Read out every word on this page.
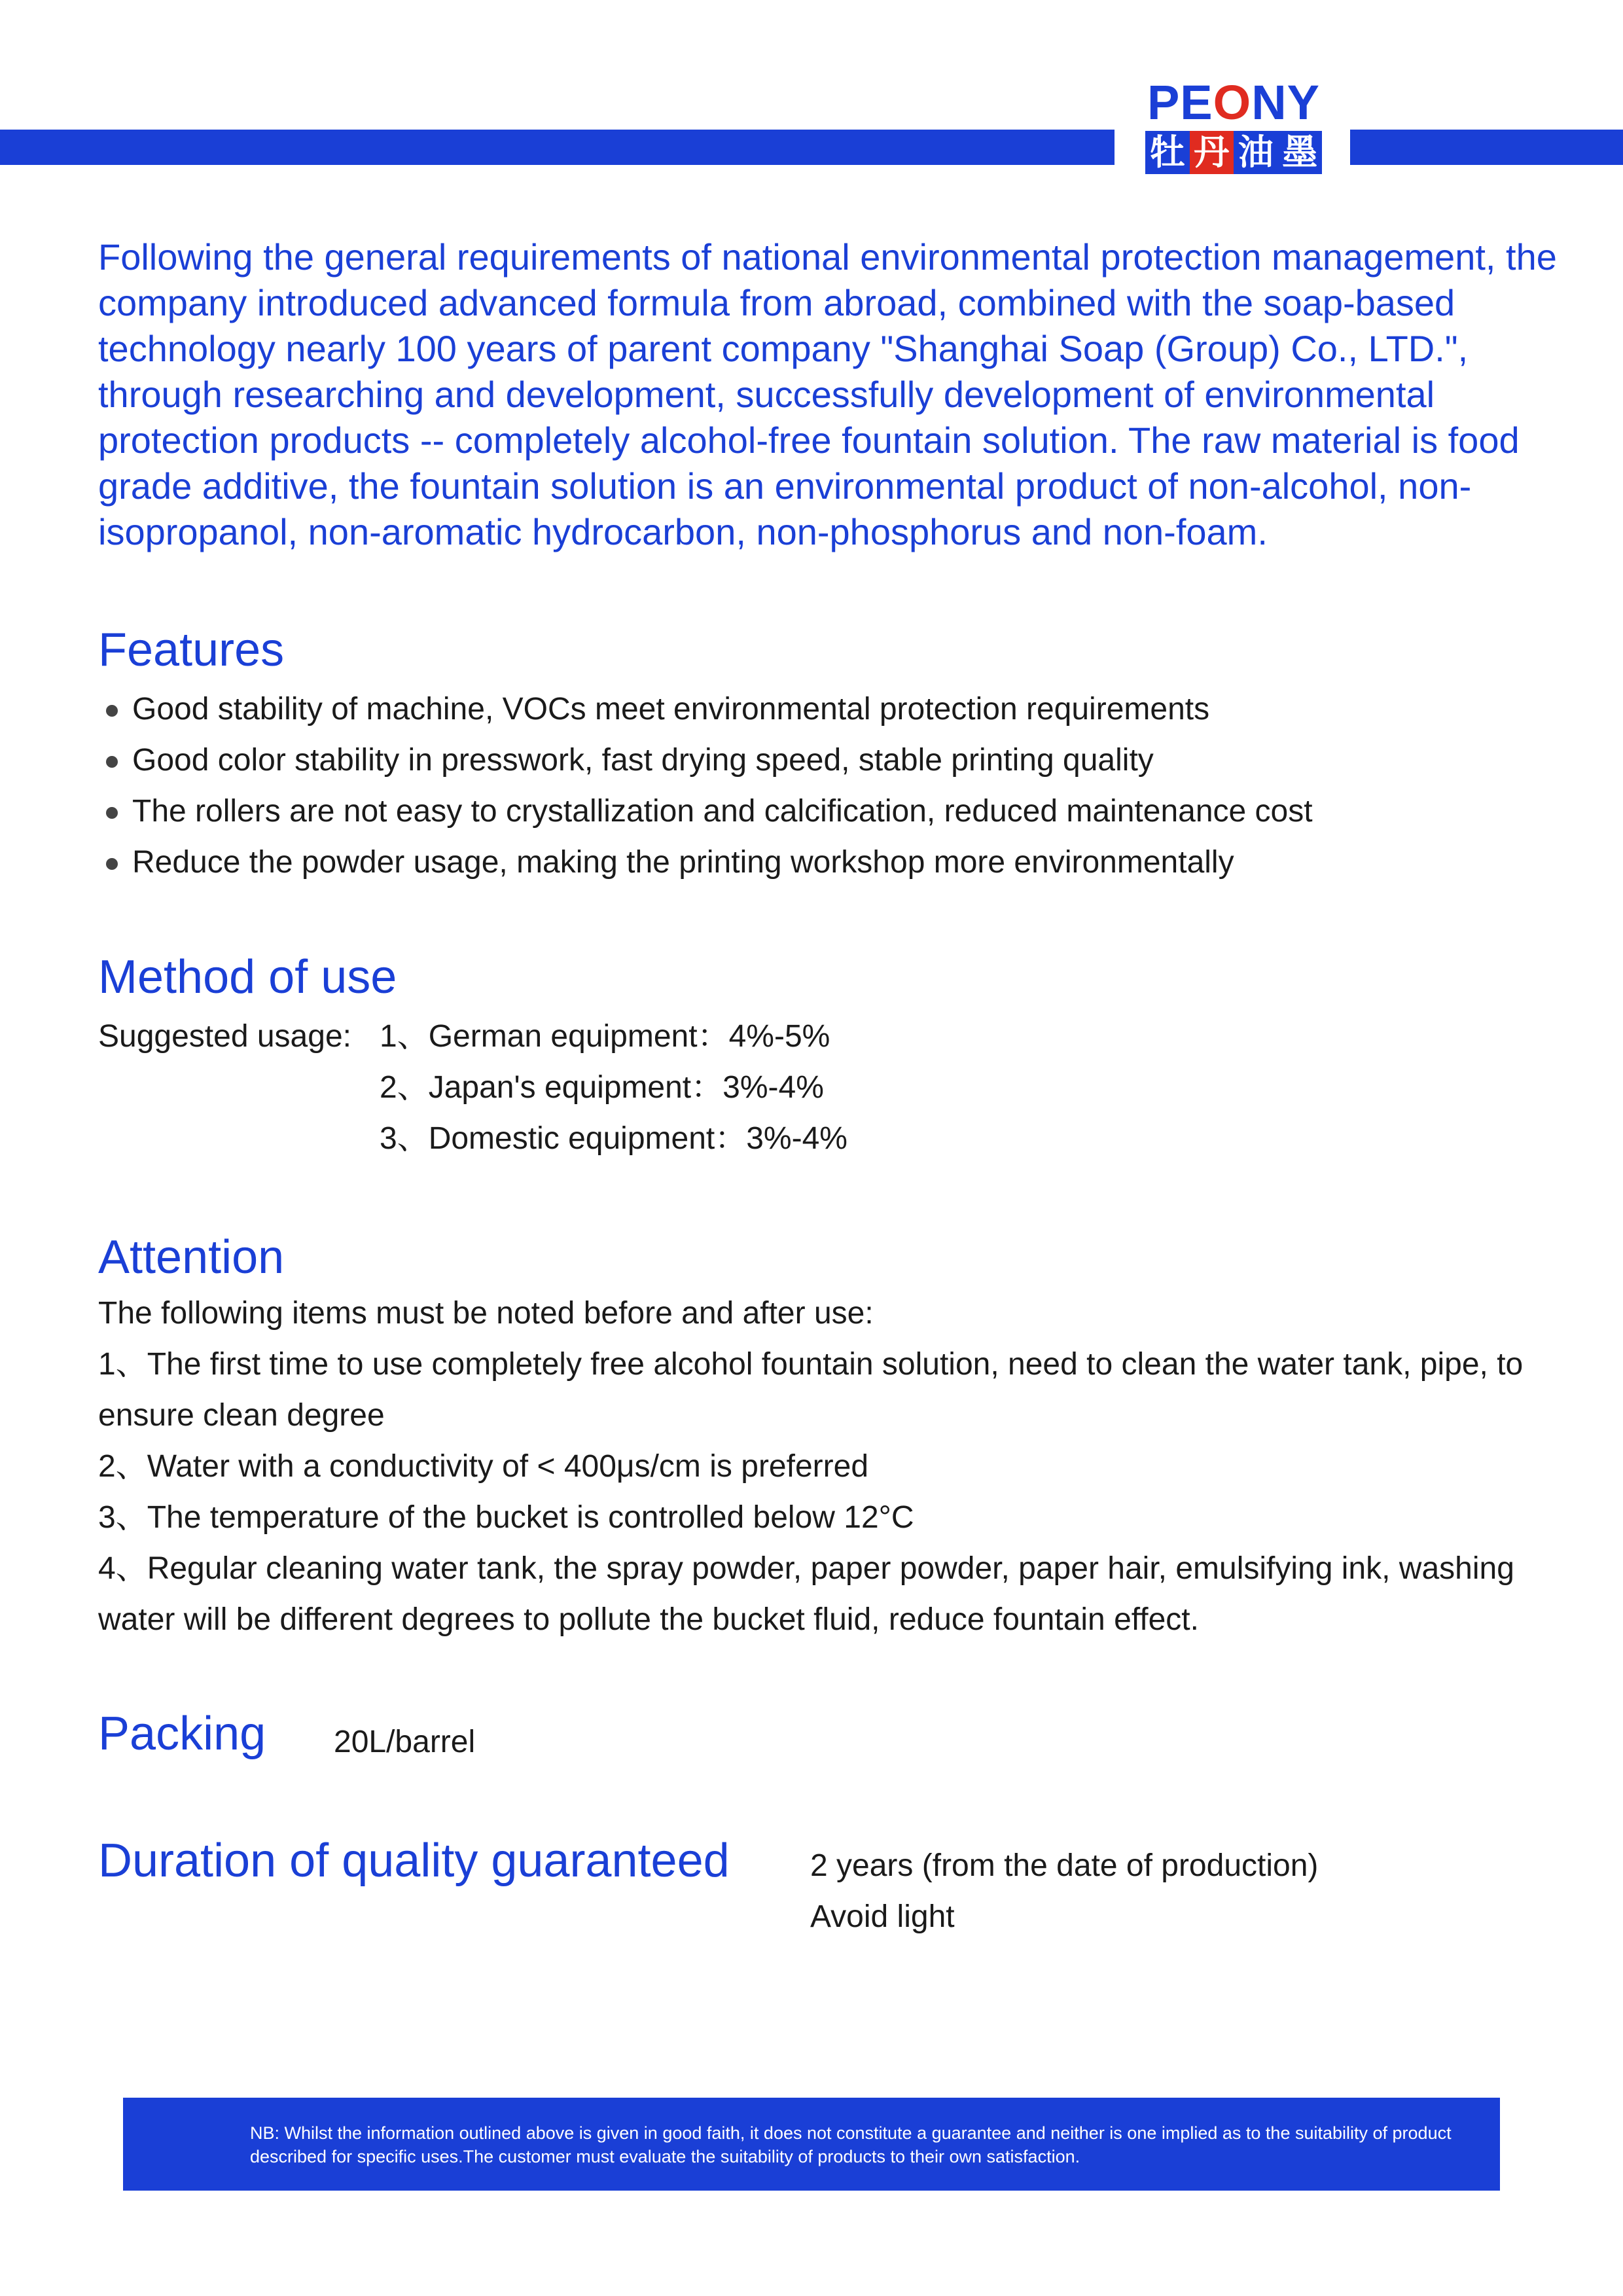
PEONY
牡 丹 油 墨

Following the general requirements of national environmental protection management, the company introduced advanced formula from abroad, combined with the soap-based technology nearly 100 years of parent company "Shanghai Soap (Group) Co., LTD.", through researching and development, successfully development of environmental protection products -- completely alcohol-free fountain solution. The raw material is food grade additive, the fountain solution is an environmental product of non-alcohol, non-isopropanol, non-aromatic hydrocarbon, non-phosphorus and non-foam.

Features
Good stability of machine, VOCs meet environmental protection requirements
Good color stability in presswork, fast drying speed, stable printing quality
The rollers are not easy to crystallization and calcification, reduced maintenance cost
Reduce the powder usage, making the printing workshop more environmentally
Method of use
Suggested usage: 1、German equipment：4%-5%
2、Japan's equipment：3%-4%
3、Domestic equipment：3%-4%
Attention

The following items must be noted before and after use:

1、The first time to use completely free alcohol fountain solution, need to clean the water tank, pipe, to ensure clean degree

2、Water with a conductivity of < 400μs/cm is preferred

3、The temperature of the bucket is controlled below 12°C

4、Regular cleaning water tank, the spray powder, paper powder, paper hair, emulsifying ink, washing water will be different degrees to pollute the bucket fluid, reduce fountain effect.

Packing 20L/barrel
Duration of quality guaranteed	2 years (from the date of production)

Avoid light

NB: Whilst the information outlined above is given in good faith, it does not constitute a guarantee and neither is one implied as to the suitability of product described for specific uses.The customer must evaluate the suitability of products to their own satisfaction.
